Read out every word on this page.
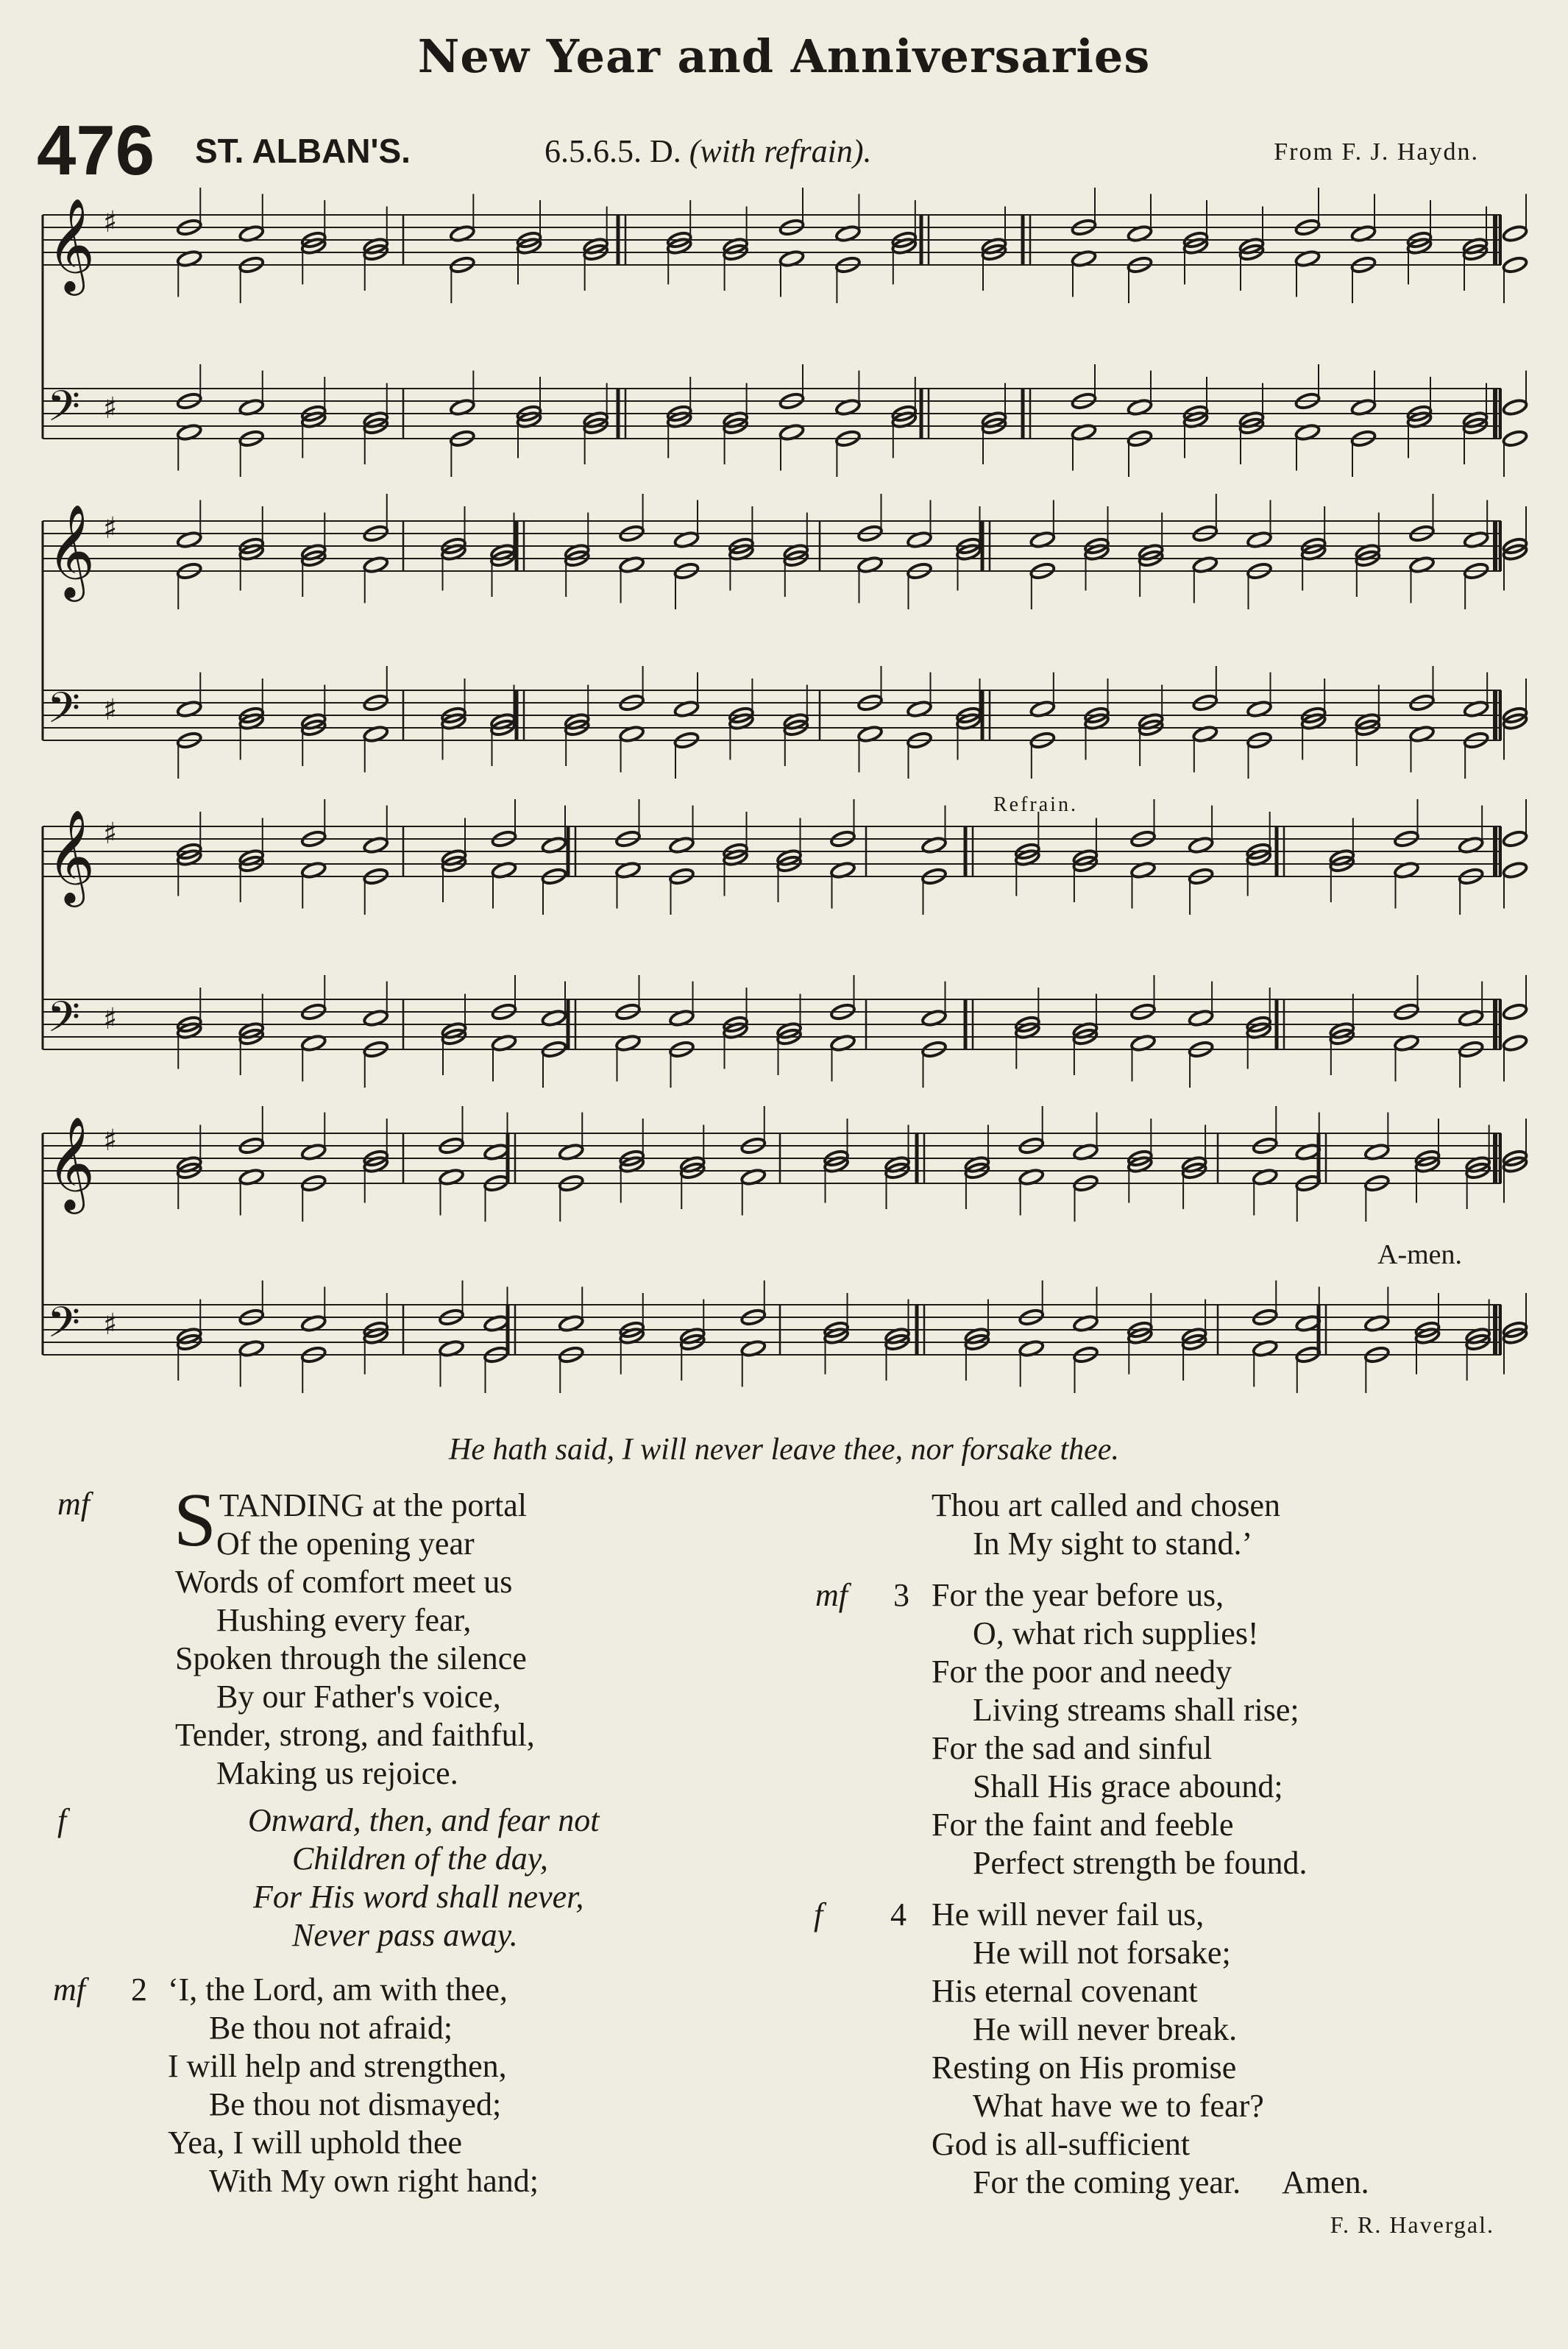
New Year and Anniversaries
476 ST. ALBAN'S.	6.5.6.5. D. (with refrain).	From F. J. Haydn.
𝄞 ♯
𝄢 ♯
𝄞 ♯
𝄢 ♯
𝄞 ♯
𝄢 ♯
𝄞 ♯
𝄢 ♯
Refrain.
A-men.
He hath said, I will never leave thee, nor forsake thee.
mf S TANDING at the portal
Of the opening year
Words of comfort meet us
Hushing every fear,
Spoken through the silence
By our Father's voice,
Tender, strong, and faithful,
Making us rejoice.
f	Onward, then, and fear not
Children of the day,
For His word shall never,
Never pass away.
mf 2 ‘I, the Lord, am with thee,
Be thou not afraid;
I will help and strengthen,
Be thou not dismayed;
Yea, I will uphold thee
With My own right hand;
Thou art called and chosen
In My sight to stand.’
mf 3 For the year before us,
O, what rich supplies!
For the poor and needy
Living streams shall rise;
For the sad and sinful
Shall His grace abound;
For the faint and feeble
Perfect strength be found.
f 4 He will never fail us,
He will not forsake;
His eternal covenant
He will never break.
Resting on His promise
What have we to fear?
God is all-sufficient
For the coming year. Amen.
F. R. Havergal.
